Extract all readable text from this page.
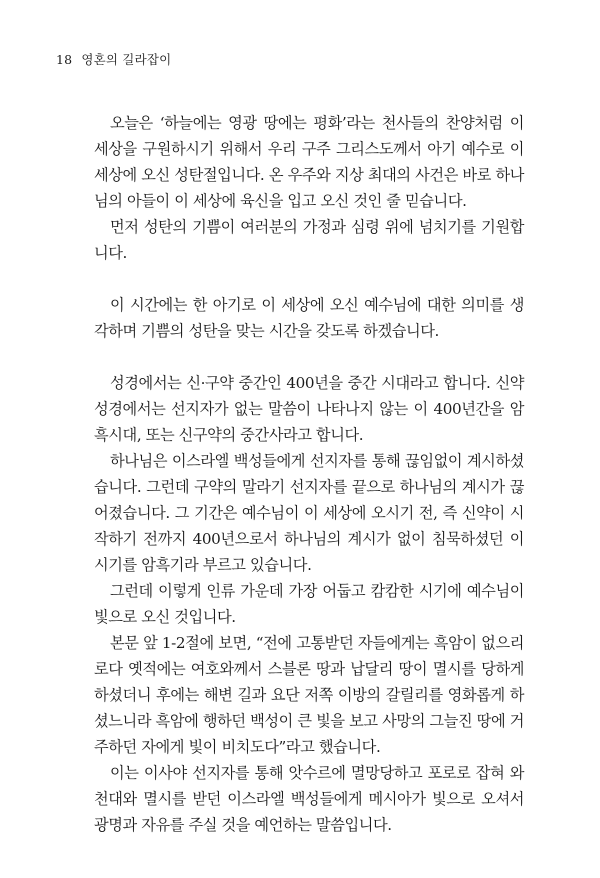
18 영혼의 길라잡이

오늘은 ‘하늘에는 영광 땅에는 평화’라는 천사들의 찬양처럼 이 세상을 구원하시기 위해서 우리 구주 그리스도께서 아기 예수로 이 세상에 오신 성탄절입니다. 온 우주와 지상 최대의 사건은 바로 하나님의 아들이 이 세상에 육신을 입고 오신 것인 줄 믿습니다.

먼저 성탄의 기쁨이 여러분의 가정과 심령 위에 넘치기를 기원합니다.

이 시간에는 한 아기로 이 세상에 오신 예수님에 대한 의미를 생각하며 기쁨의 성탄을 맞는 시간을 갖도록 하겠습니다.

성경에서는 신·구약 중간인 400년을 중간 시대라고 합니다. 신약성경에서는 선지자가 없는 말씀이 나타나지 않는 이 400년간을 암흑시대, 또는 신구약의 중간사라고 합니다.

하나님은 이스라엘 백성들에게 선지자를 통해 끊임없이 계시하셨습니다. 그런데 구약의 말라기 선지자를 끝으로 하나님의 계시가 끊어졌습니다. 그 기간은 예수님이 이 세상에 오시기 전, 즉 신약이 시작하기 전까지 400년으로서 하나님의 계시가 없이 침묵하셨던 이 시기를 암흑기라 부르고 있습니다.

그런데 이렇게 인류 가운데 가장 어둡고 캄캄한 시기에 예수님이 빛으로 오신 것입니다.

본문 앞 1-2절에 보면, “전에 고통받던 자들에게는 흑암이 없으리로다 옛적에는 여호와께서 스블론 땅과 납달리 땅이 멸시를 당하게 하셨더니 후에는 해변 길과 요단 저쪽 이방의 갈릴리를 영화롭게 하셨느니라 흑암에 행하던 백성이 큰 빛을 보고 사망의 그늘진 땅에 거주하던 자에게 빛이 비치도다”라고 했습니다.

이는 이사야 선지자를 통해 앗수르에 멸망당하고 포로로 잡혀 와 천대와 멸시를 받던 이스라엘 백성들에게 메시아가 빛으로 오셔서 광명과 자유를 주실 것을 예언하는 말씀입니다.
